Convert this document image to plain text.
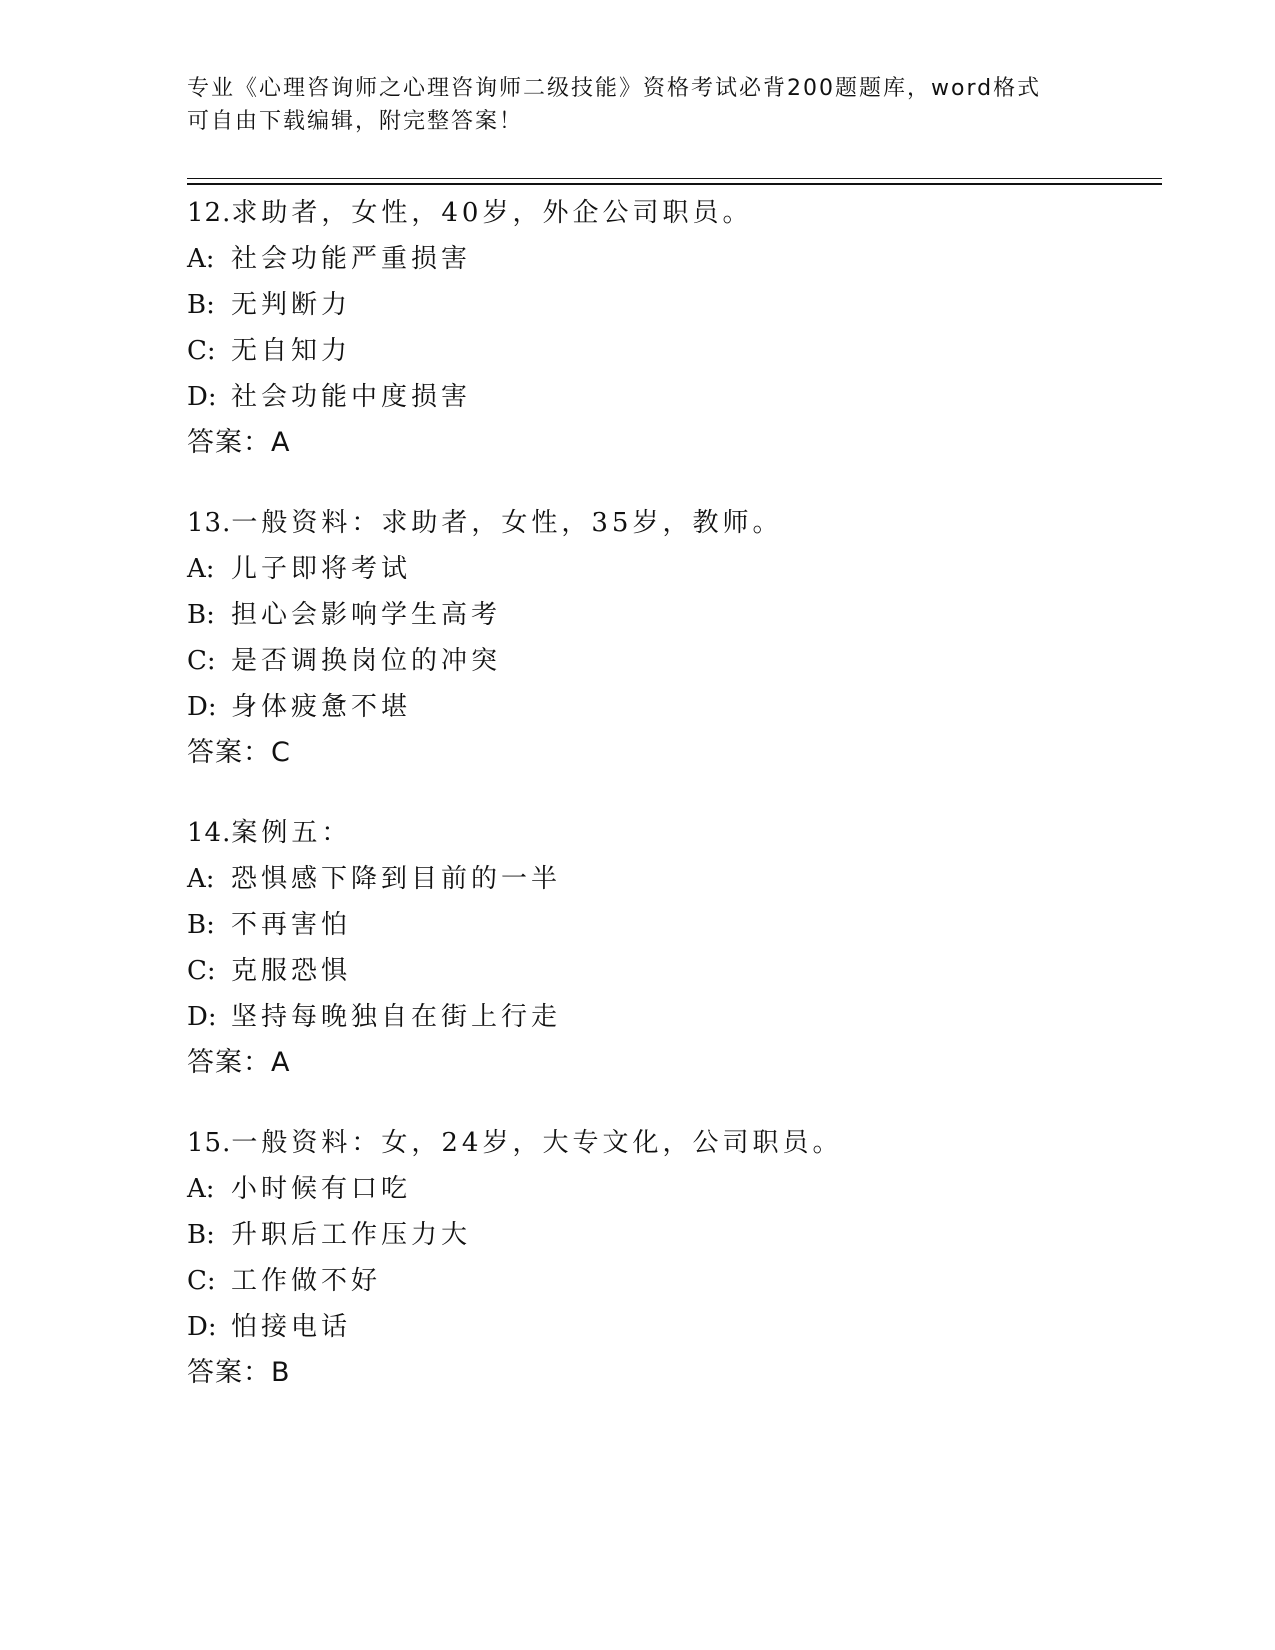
专业《心理咨询师之心理咨询师二级技能》资格考试必背200题题库，word格式
可自由下载编辑，附完整答案！
12.求助者，女性，40岁，外企公司职员。
A: 社会功能严重损害
B: 无判断力
C: 无自知力
D: 社会功能中度损害
答案：A
13.一般资料：求助者，女性，35岁，教师。
A: 儿子即将考试
B: 担心会影响学生高考
C: 是否调换岗位的冲突
D: 身体疲惫不堪
答案：C
14.案例五：
A: 恐惧感下降到目前的一半
B: 不再害怕
C: 克服恐惧
D: 坚持每晚独自在街上行走
答案：A
15.一般资料：女，24岁，大专文化，公司职员。
A: 小时候有口吃
B: 升职后工作压力大
C: 工作做不好
D: 怕接电话
答案：B
